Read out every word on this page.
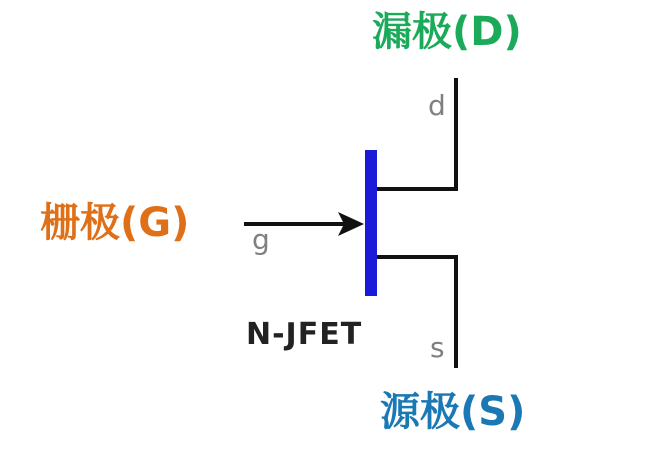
漏极(D)
d
栅极(G) g
N-JFET s
源极(S)
